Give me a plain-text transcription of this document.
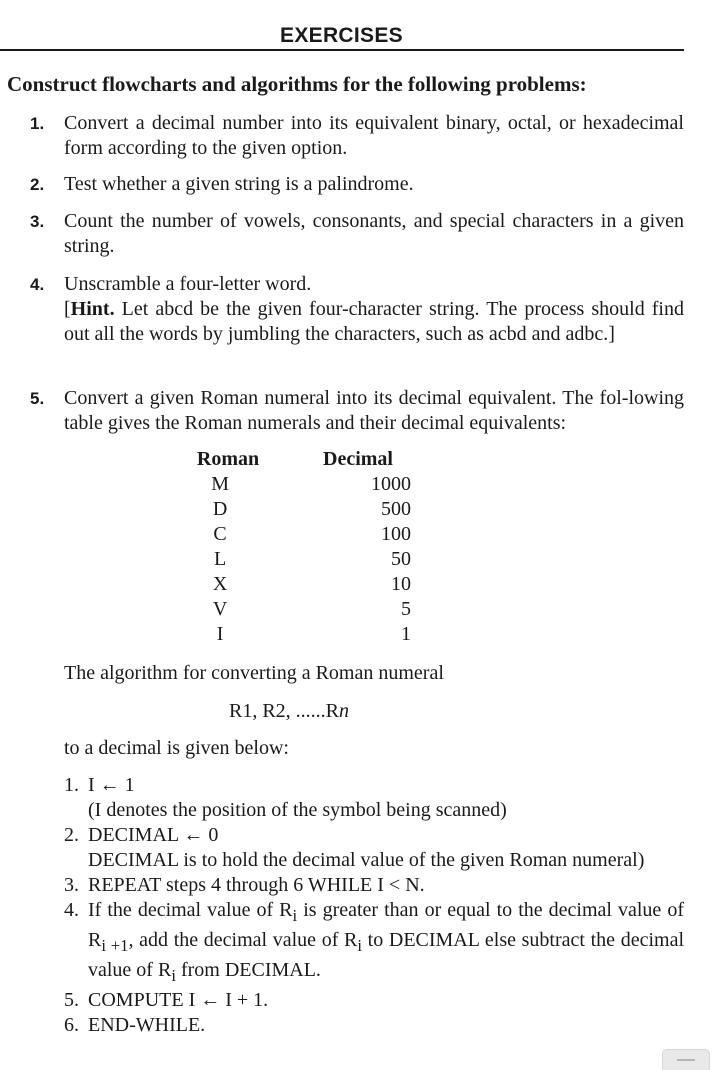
EXERCISES
Construct flowcharts and algorithms for the following problems:
1. Convert a decimal number into its equivalent binary, octal, or hexadecimal form according to the given option.
2. Test whether a given string is a palindrome.
3. Count the number of vowels, consonants, and special characters in a given string.
4. Unscramble a four-letter word.

[Hint. Let abcd be the given four-character string. The process should find out all the words by jumbling the characters, such as acbd and adbc.]

5. Convert a given Roman numeral into its decimal equivalent. The fol-lowing table gives the Roman numerals and their decimal equivalents:
Roman	Decimal
M	1000
D	500
C	100
L	50
X	10
V	5
I	1
The algorithm for converting a Roman numeral
R1, R2, ......Rn
to a decimal is given below:
1. I ← 1

(I denotes the position of the symbol being scanned)

2. DECIMAL ← 0

DECIMAL is to hold the decimal value of the given Roman numeral)

3. REPEAT steps 4 through 6 WHILE I < N.

4. If the decimal value of $R_i$ is greater than or equal to the decimal value of $R_{i +1}$, add the decimal value of $R_i$ to DECIMAL else subtract the decimal value of $R_i$ from DECIMAL.
5. COMPUTE I ← I + 1.

6. END-WHILE.
